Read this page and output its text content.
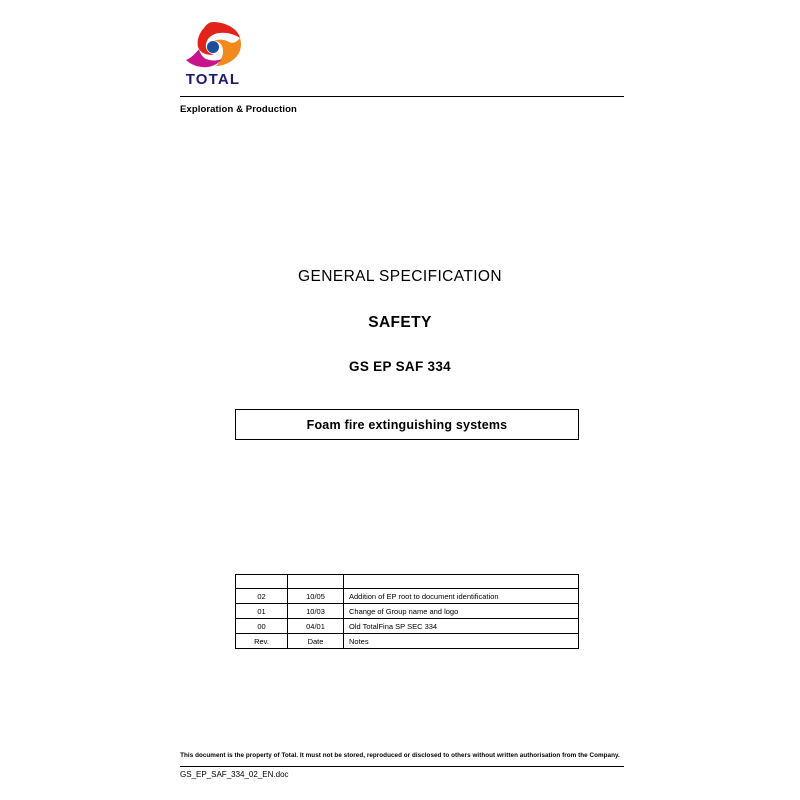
TOTAL
Exploration & Production
GENERAL SPECIFICATION
SAFETY
GS EP SAF 334
Foam fire extinguishing systems

02	10/05	Addition of EP root to document identification
01	10/03	Change of Group name and logo
00	04/01	Old TotalFina SP SEC 334
Rev.	Date	Notes
This document is the property of Total. It must not be stored, reproduced or disclosed to others without written authorisation from the Company.
GS_EP_SAF_334_02_EN.doc
